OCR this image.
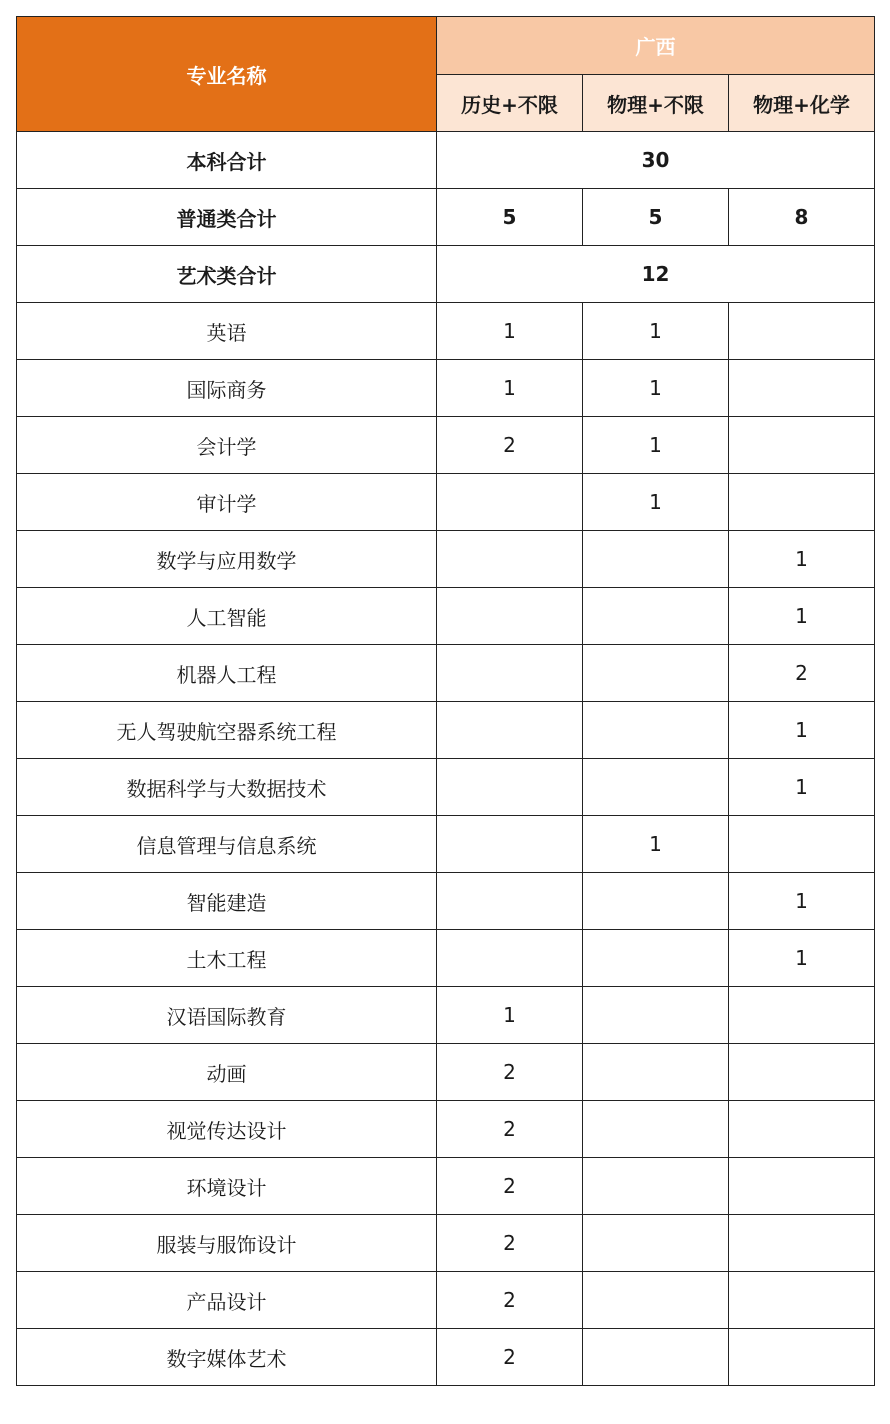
专业名称	广西		
	历史+不限	物理+不限	物理+化学
本科合计	30		
普通类合计	5	5	8
艺术类合计	12		
英语	1	1	
国际商务	1	1	
会计学	2	1	
审计学		1	
数学与应用数学			1
人工智能			1
机器人工程			2
无人驾驶航空器系统工程			1
数据科学与大数据技术			1
信息管理与信息系统		1	
智能建造			1
土木工程			1
汉语国际教育	1		
动画	2		
视觉传达设计	2		
环境设计	2		
服装与服饰设计	2		
产品设计	2		
数字媒体艺术	2		
